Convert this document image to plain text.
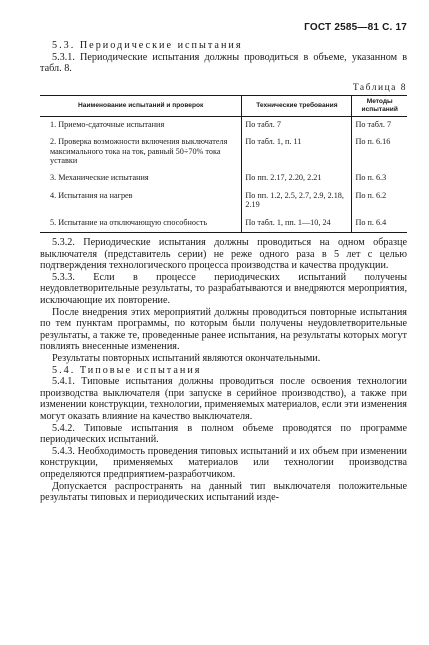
ГОСТ 2585—81 С. 17

5.3. Периодические испытания

5.3.1. Периодические испытания должны проводиться в объеме, указанном в табл. 8.

Таблица 8
Наименование испытаний и проверок	Технические требования	Методы испытаний
1. Приемо-сдаточные испытания	По табл. 7	По табл. 7
2. Проверка возможности включения выключателя максимального тока на ток, равный 50÷70% тока уставки	По табл. 1, п. 11	По п. 6.16
3. Механические испытания	По пп. 2.17, 2.20, 2.21	По п. 6.3
4. Испытания на нагрев	По пп. 1.2, 2.5, 2.7, 2.9, 2.18, 2.19	По п. 6.2
5. Испытание на отключающую способность	По табл. 1, пп. 1—10, 24	По п. 6.4

5.3.2. Периодические испытания должны проводиться на одном образце выключателя (представитель серии) не реже одного раза в 5 лет с целью подтверждения технологического процесса производства и качества продукции.

5.3.3. Если в процессе периодических испытаний получены неудовлетворительные результаты, то разрабатываются и внедряются мероприятия, исключающие их повторение.

После внедрения этих мероприятий должны проводиться повторные испытания по тем пунктам программы, по которым были получены неудовлетворительные результаты, а также те, проведенные ранее испытания, на результаты которых могут повлиять внесенные изменения.

Результаты повторных испытаний являются окончательными.

5.4. Типовые испытания

5.4.1. Типовые испытания должны проводиться после освоения технологии производства выключателя (при запуске в серийное производство), а также при изменении конструкции, технологии, применяемых материалов, если эти изменения могут оказать влияние на качество выключателя.

5.4.2. Типовые испытания в полном объеме проводятся по программе периодических испытаний.

5.4.3. Необходимость проведения типовых испытаний и их объем при изменении конструкции, применяемых материалов или технологии производства определяются предприятием-разработчиком.

Допускается распространять на данный тип выключателя положительные результаты типовых и периодических испытаний изде-
